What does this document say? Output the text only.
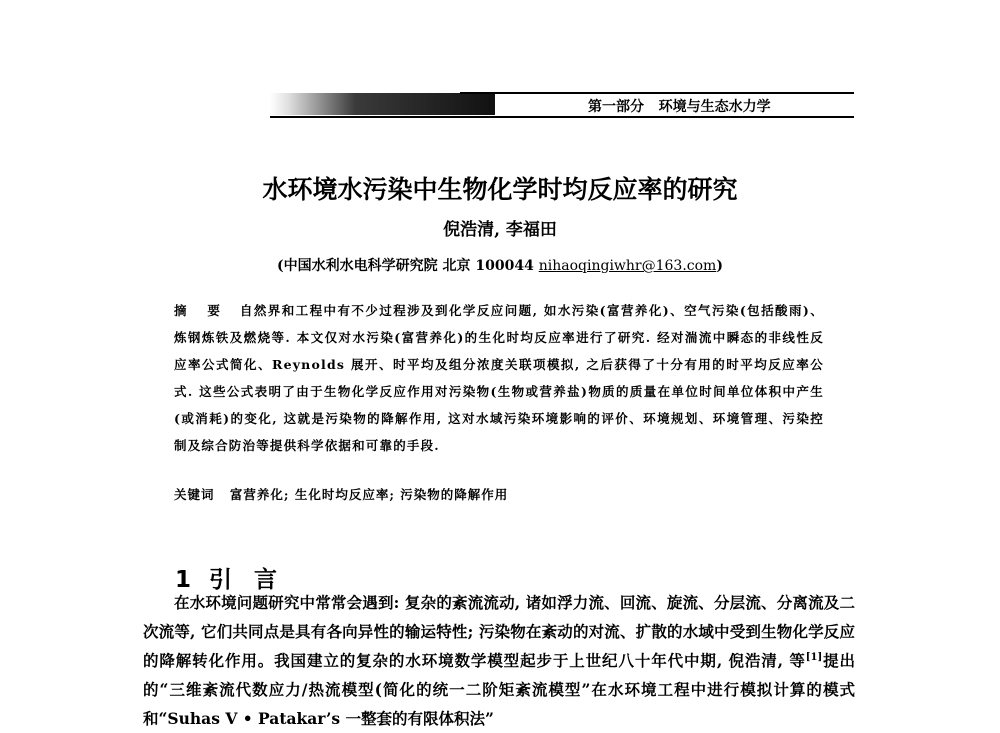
第一部分   环境与生态水力学
水环境水污染中生物化学时均反应率的研究
倪浩清, 李福田
(中国水利水电科学研究院 北京 100044 nihaoqingiwhr@163.com)
摘 要 自然界和工程中有不少过程涉及到化学反应问题, 如水污染(富营养化)、空气污染(包括酸雨)、炼钢炼铁及燃烧等. 本文仅对水污染(富营养化)的生化时均反应率进行了研究. 经对湍流中瞬态的非线性反应率公式简化、Reynolds 展开、时平均及组分浓度关联项模拟, 之后获得了十分有用的时平均反应率公式. 这些公式表明了由于生物化学反应作用对污染物(生物或营养盐)物质的质量在单位时间单位体积中产生(或消耗)的变化, 这就是污染物的降解作用, 这对水域污染环境影响的评价、环境规划、环境管理、污染控制及综合防治等提供科学依据和可靠的手段.
关键词 富营养化; 生化时均反应率; 污染物的降解作用

1 引言

在水环境问题研究中常常会遇到: 复杂的紊流流动, 诸如浮力流、回流、旋流、分层流、分离流及二次流等, 它们共同点是具有各向异性的输运特性; 污染物在紊动的对流、扩散的水域中受到生物化学反应的降解转化作用。我国建立的复杂的水环境数学模型起步于上世纪八十年代中期, 倪浩清, 等[1]提出的“三维紊流代数应力/热流模型(简化的统一二阶矩紊流模型”在水环境工程中进行模拟计算的模式和“Suhas V • Patakar’s 一整套的有限体积法”
